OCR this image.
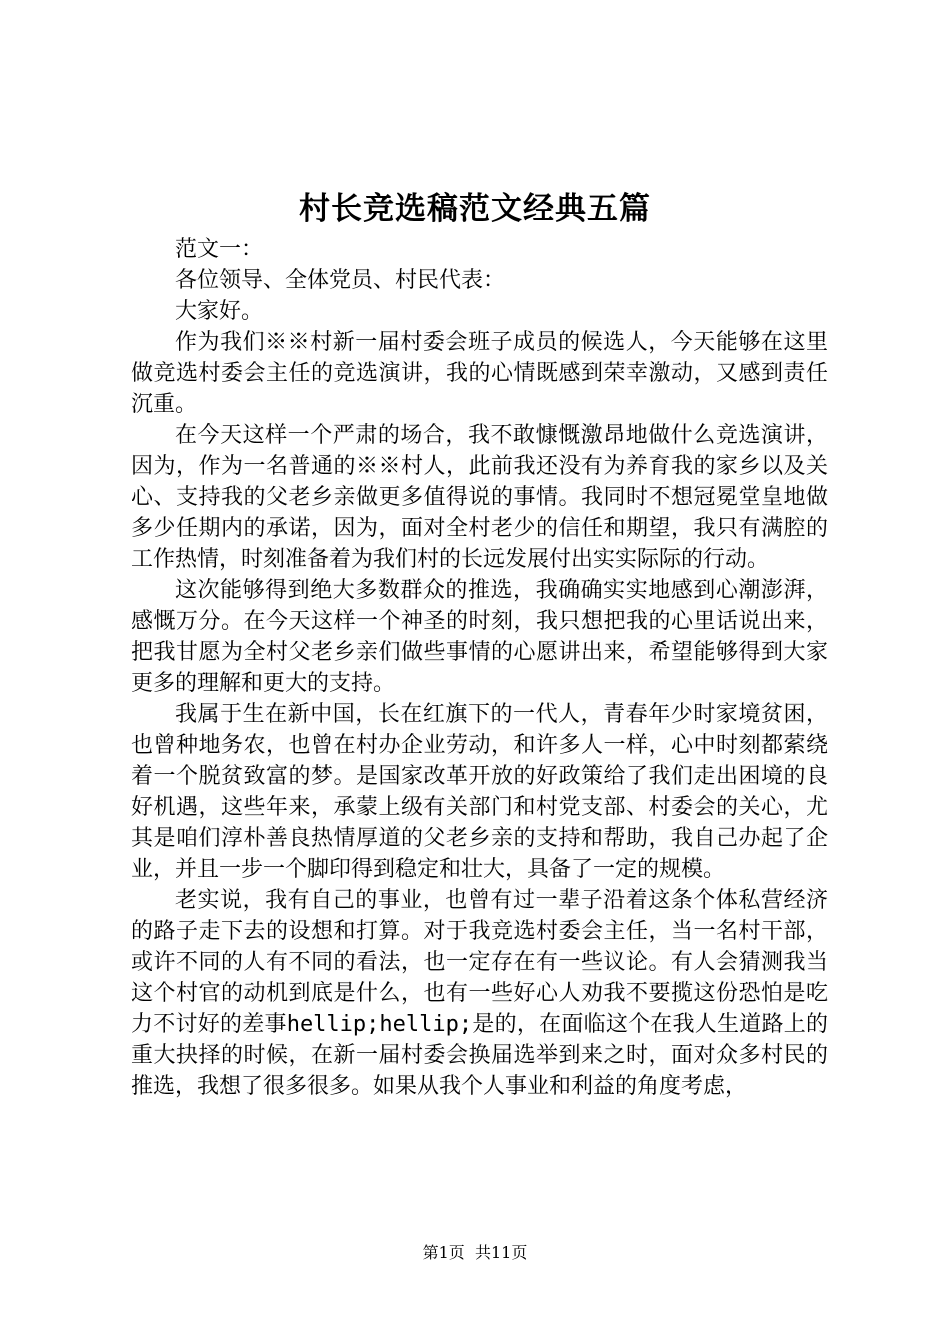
村长竞选稿范文经典五篇

范文一：

各位领导、全体党员、村民代表：

大家好。

作为我们※※村新一届村委会班子成员的候选人，今天能够在这里做竞选村委会主任的竞选演讲，我的心情既感到荣幸激动，又感到责任沉重。

在今天这样一个严肃的场合，我不敢慷慨激昂地做什么竞选演讲，因为，作为一名普通的※※村人，此前我还没有为养育我的家乡以及关心、支持我的父老乡亲做更多值得说的事情。我同时不想冠冕堂皇地做多少任期内的承诺，因为，面对全村老少的信任和期望，我只有满腔的工作热情，时刻准备着为我们村的长远发展付出实实际际的行动。

这次能够得到绝大多数群众的推选，我确确实实地感到心潮澎湃，感慨万分。在今天这样一个神圣的时刻，我只想把我的心里话说出来，把我甘愿为全村父老乡亲们做些事情的心愿讲出来，希望能够得到大家更多的理解和更大的支持。

我属于生在新中国，长在红旗下的一代人，青春年少时家境贫困，也曾种地务农，也曾在村办企业劳动，和许多人一样，心中时刻都萦绕着一个脱贫致富的梦。是国家改革开放的好政策给了我们走出困境的良好机遇，这些年来，承蒙上级有关部门和村党支部、村委会的关心，尤其是咱们淳朴善良热情厚道的父老乡亲的支持和帮助，我自己办起了企业，并且一步一个脚印得到稳定和壮大，具备了一定的规模。

老实说，我有自己的事业，也曾有过一辈子沿着这条个体私营经济的路子走下去的设想和打算。对于我竞选村委会主任，当一名村干部，或许不同的人有不同的看法，也一定存在有一些议论。有人会猜测我当这个村官的动机到底是什么，也有一些好心人劝我不要揽这份恐怕是吃力不讨好的差事hellip;hellip;是的，在面临这个在我人生道路上的重大抉择的时候，在新一届村委会换届选举到来之时，面对众多村民的推选，我想了很多很多。如果从我个人事业和利益的角度考虑，

第1页 共11页
